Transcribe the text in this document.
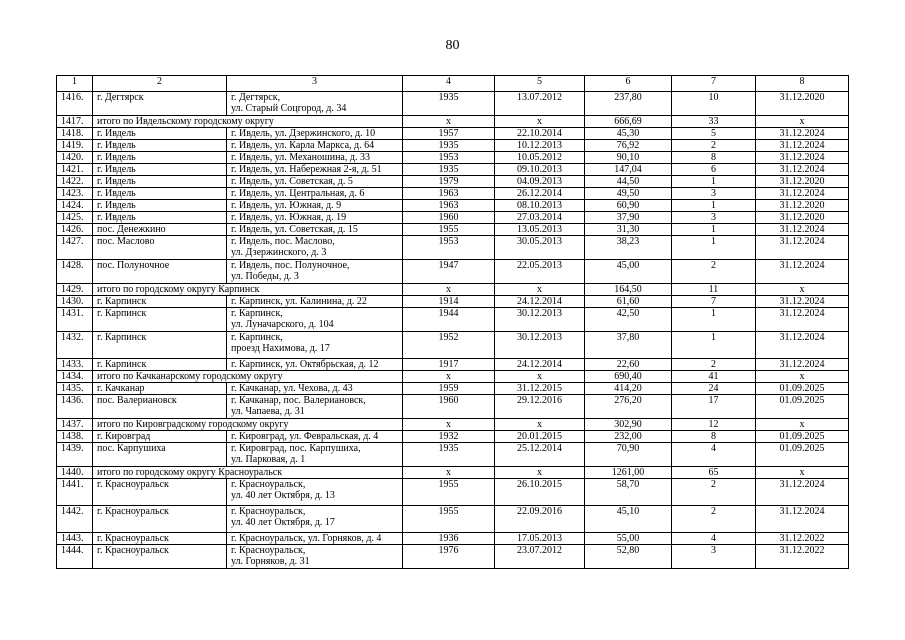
80
1	2	3	4	5	6	7	8
1416.	г. Дегтярск	г. Дегтярск,
ул. Старый Соцгород, д. 34	1935	13.07.2012	237,80	10	31.12.2020
1417.	итого по Ивдельскому городскому округу		x	x	666,69	33	x
1418.	г. Ивдель	г. Ивдель, ул. Дзержинского, д. 10	1957	22.10.2014	45,30	5	31.12.2024
1419.	г. Ивдель	г. Ивдель, ул. Карла Маркса, д. 64	1935	10.12.2013	76,92	2	31.12.2024
1420.	г. Ивдель	г. Ивдель, ул. Механошина, д. 33	1953	10.05.2012	90,10	8	31.12.2024
1421.	г. Ивдель	г. Ивдель, ул. Набережная 2-я, д. 51	1935	09.10.2013	147,04	6	31.12.2024
1422.	г. Ивдель	г. Ивдель, ул. Советская, д. 5	1979	04.09.2013	44,50	1	31.12.2020
1423.	г. Ивдель	г. Ивдель, ул. Центральная, д. 6	1963	26.12.2014	49,50	3	31.12.2024
1424.	г. Ивдель	г. Ивдель, ул. Южная, д. 9	1963	08.10.2013	60,90	1	31.12.2020
1425.	г. Ивдель	г. Ивдель, ул. Южная, д. 19	1960	27.03.2014	37,90	3	31.12.2020
1426.	пос. Денежкино	г. Ивдель, ул. Советская, д. 15	1955	13.05.2013	31,30	1	31.12.2024
1427.	пос. Маслово	г. Ивдель, пос. Маслово,
ул. Дзержинского, д. 3	1953	30.05.2013	38,23	1	31.12.2024
1428.	пос. Полуночное	г. Ивдель, пос. Полуночное,
ул. Победы, д. 3	1947	22.05.2013	45,00	2	31.12.2024
1429.	итого по городскому округу Карпинск		x	x	164,50	11	x
1430.	г. Карпинск	г. Карпинск, ул. Калинина, д. 22	1914	24.12.2014	61,60	7	31.12.2024
1431.	г. Карпинск	г. Карпинск,
ул. Луначарского, д. 104	1944	30.12.2013	42,50	1	31.12.2024
1432.	г. Карпинск	г. Карпинск,
проезд Нахимова, д. 17	1952	30.12.2013	37,80	1	31.12.2024
1433.	г. Карпинск	г. Карпинск, ул. Октябрьская, д. 12	1917	24.12.2014	22,60	2	31.12.2024
1434.	итого по Качканарскому городскому округу		x	x	690,40	41	x
1435.	г. Качканар	г. Качканар, ул. Чехова, д. 43	1959	31.12.2015	414,20	24	01.09.2025
1436.	пос. Валериановск	г. Качканар, пос. Валериановск,
ул. Чапаева, д. 31	1960	29.12.2016	276,20	17	01.09.2025
1437.	итого по Кировградскому городскому округу		x	x	302,90	12	x
1438.	г. Кировград	г. Кировград, ул. Февральская, д. 4	1932	20.01.2015	232,00	8	01.09.2025
1439.	пос. Карпушиха	г. Кировград, пос. Карпушиха,
ул. Парковая, д. 1	1935	25.12.2014	70,90	4	01.09.2025
1440.	итого по городскому округу Красноуральск		x	x	1261,00	65	x
1441.	г. Красноуральск	г. Красноуральск,
ул. 40 лет Октября, д. 13	1955	26.10.2015	58,70	2	31.12.2024
1442.	г. Красноуральск	г. Красноуральск,
ул. 40 лет Октября, д. 17	1955	22.09.2016	45,10	2	31.12.2024
1443.	г. Красноуральск	г. Красноуральск, ул. Горняков, д. 4	1936	17.05.2013	55,00	4	31.12.2022
1444.	г. Красноуральск	г. Красноуральск,
ул. Горняков, д. 31	1976	23.07.2012	52,80	3	31.12.2022
